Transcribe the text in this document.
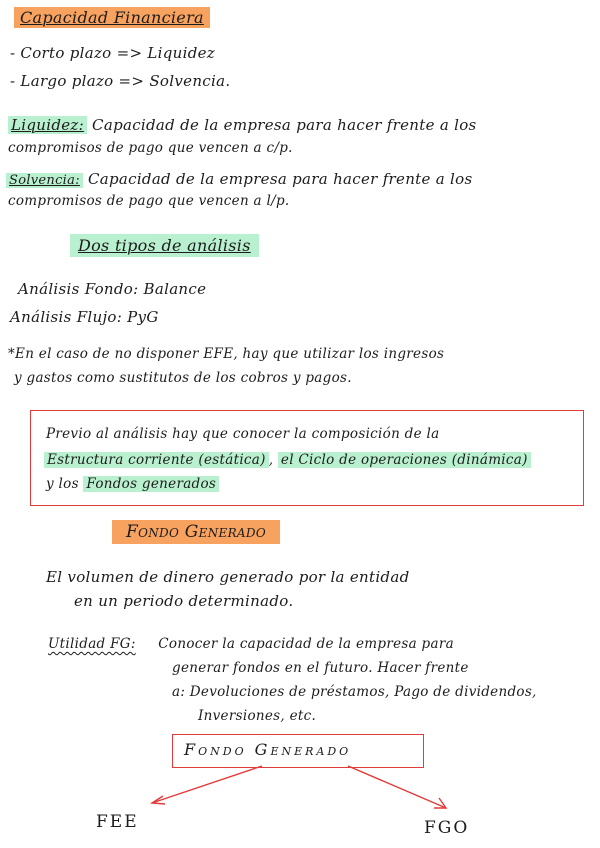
Capacidad Financiera
- Corto plazo => Liquidez
- Largo plazo => Solvencia.
Liquidez: Capacidad de la empresa para hacer frente a los
compromisos de pago que vencen a c/p.
Solvencia: Capacidad de la empresa para hacer frente a los
compromisos de pago que vencen a l/p.
Dos tipos de análisis
Análisis Fondo: Balance
Análisis Flujo: PyG
*En el caso de no disponer EFE, hay que utilizar los ingresos
y gastos como sustitutos de los cobros y pagos.
Previo al análisis hay que conocer la composición de la
Estructura corriente (estática) , el Ciclo de operaciones (dinámica)
y los Fondos generados
Fondo Generado
El volumen de dinero generado por la entidad
en un periodo determinado.
Utilidad FG: Conocer la capacidad de la empresa para
generar fondos en el futuro. Hacer frente
a: Devoluciones de préstamos, Pago de dividendos,
Inversiones, etc.
Fondo Generado
FEE	FGO
